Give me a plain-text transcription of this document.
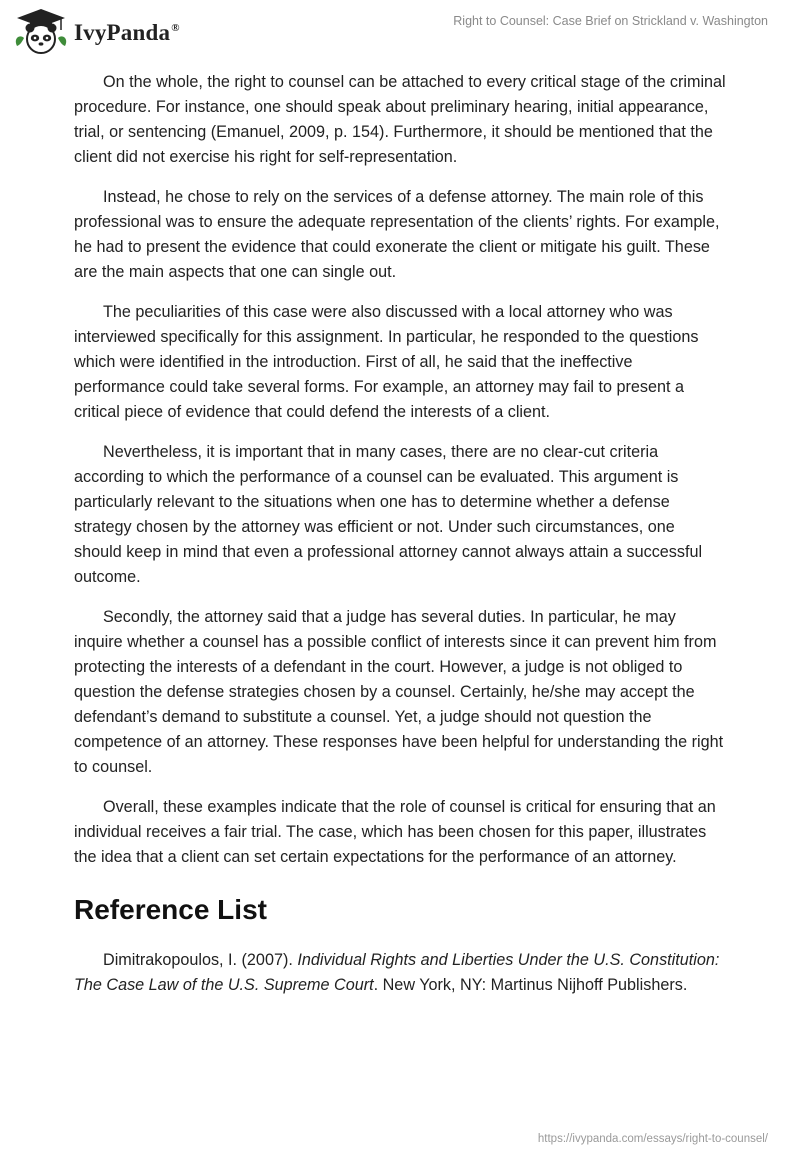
IvyPanda®
Right to Counsel: Case Brief on Strickland v. Washington

On the whole, the right to counsel can be attached to every critical stage of the criminal procedure. For instance, one should speak about preliminary hearing, initial appearance, trial, or sentencing (Emanuel, 2009, p. 154). Furthermore, it should be mentioned that the client did not exercise his right for self-representation.

Instead, he chose to rely on the services of a defense attorney. The main role of this professional was to ensure the adequate representation of the clients’ rights. For example, he had to present the evidence that could exonerate the client or mitigate his guilt. These are the main aspects that one can single out.

The peculiarities of this case were also discussed with a local attorney who was interviewed specifically for this assignment. In particular, he responded to the questions which were identified in the introduction. First of all, he said that the ineffective performance could take several forms. For example, an attorney may fail to present a critical piece of evidence that could defend the interests of a client.

Nevertheless, it is important that in many cases, there are no clear-cut criteria according to which the performance of a counsel can be evaluated. This argument is particularly relevant to the situations when one has to determine whether a defense strategy chosen by the attorney was efficient or not. Under such circumstances, one should keep in mind that even a professional attorney cannot always attain a successful outcome.

Secondly, the attorney said that a judge has several duties. In particular, he may inquire whether a counsel has a possible conflict of interests since it can prevent him from protecting the interests of a defendant in the court. However, a judge is not obliged to question the defense strategies chosen by a counsel. Certainly, he/she may accept the defendant’s demand to substitute a counsel. Yet, a judge should not question the competence of an attorney. These responses have been helpful for understanding the right to counsel.

Overall, these examples indicate that the role of counsel is critical for ensuring that an individual receives a fair trial. The case, which has been chosen for this paper, illustrates the idea that a client can set certain expectations for the performance of an attorney.

Reference List

Dimitrakopoulos, I. (2007). Individual Rights and Liberties Under the U.S. Constitution: The Case Law of the U.S. Supreme Court. New York, NY: Martinus Nijhoff Publishers.

https://ivypanda.com/essays/right-to-counsel/
